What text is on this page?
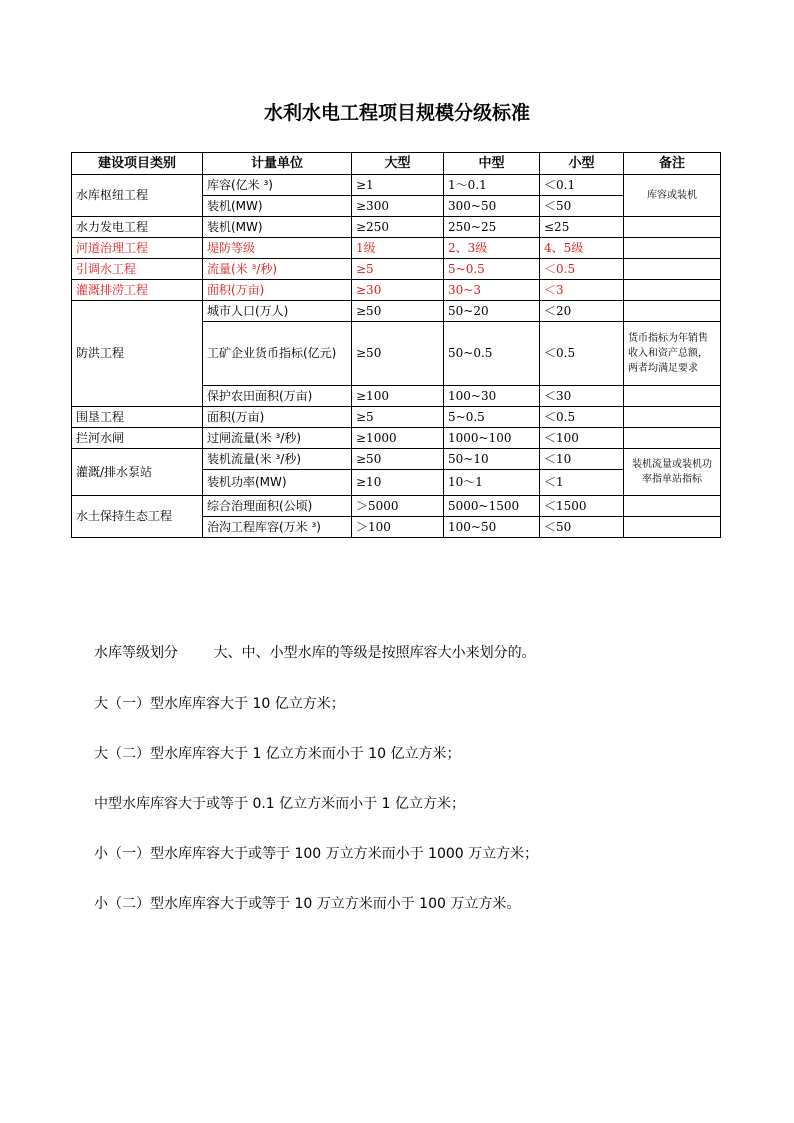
水利水电工程项目规模分级标准
建设项目类别	计量单位	大型	中型	小型	备注
水库枢纽工程	库容(亿米 ³)	≥1	1～0.1	＜0.1	库容或装机
	装机(MW)	≥300	300~50	＜50	
水力发电工程	装机(MW)	≥250	250~25	≤25	
河道治理工程	堤防等级	1级	2、3级	4、5级	
引调水工程	流量(米 ³/秒)	≥5	5~0.5	＜0.5	
灌溉排涝工程	面积(万亩)	≥30	30~3	＜3	
防洪工程	城市人口(万人)	≥50	50~20	＜20	
	工矿企业货币指标(亿元)	≥50	50~0.5	＜0.5	货币指标为年销售收入和资产总额，两者均满足要求
	保护农田面积(万亩)	≥100	100~30	＜30	
围垦工程	面积(万亩)	≥5	5~0.5	＜0.5	
拦河水闸	过闸流量(米 ³/秒)	≥1000	1000~100	＜100	
灌溉/排水泵站	装机流量(米 ³/秒)	≥50	50~10	＜10	装机流量或装机功率指单站指标
	装机功率(MW)	≥10	10～1	＜1	
水土保持生态工程	综合治理面积(公顷)	＞5000	5000~1500	＜1500	
	治沟工程库容(万米 ³)	＞100	100~50	＜50	
水库等级划分        大、中、小型水库的等级是按照库容大小来划分的。
大（一）型水库库容大于 10 亿立方米；
大（二）型水库库容大于 1 亿立方米而小于 10 亿立方米；
中型水库库容大于或等于 0.1 亿立方米而小于 1 亿立方米；
小（一）型水库库容大于或等于 100 万立方米而小于 1000 万立方米；
小（二）型水库库容大于或等于 10 万立方米而小于 100 万立方米。
